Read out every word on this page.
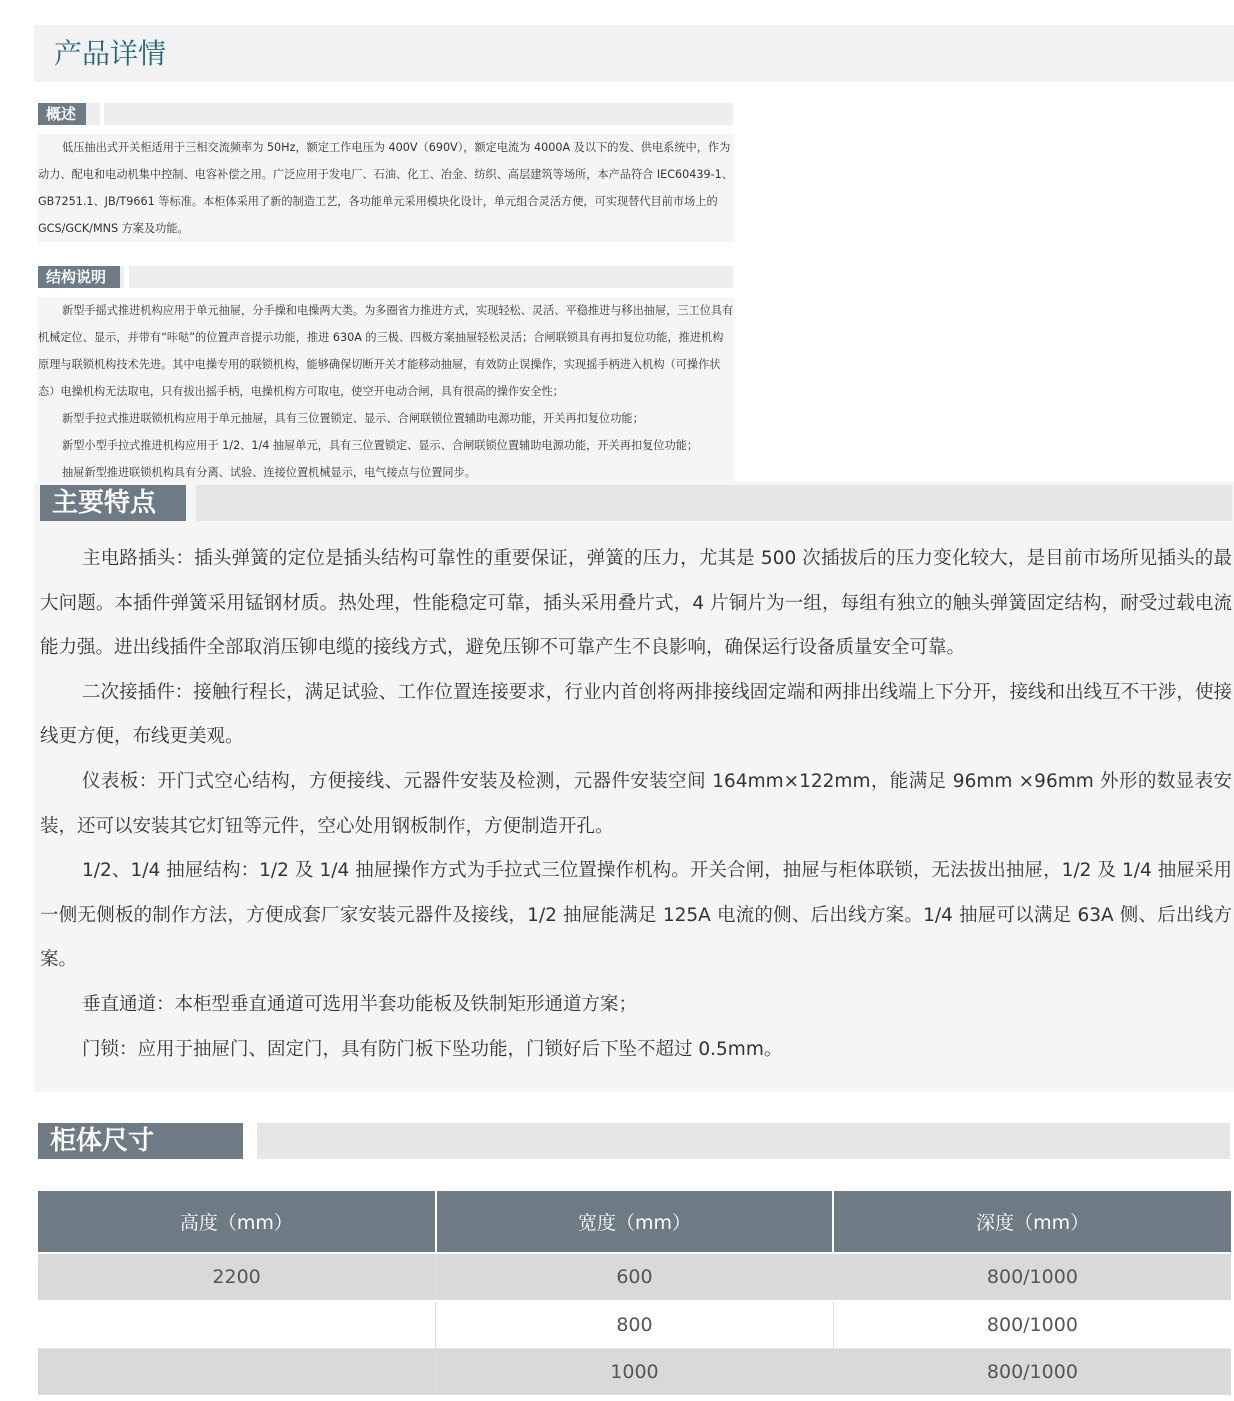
产品详情
概述

低压抽出式开关柜适用于三相交流频率为 50Hz，额定工作电压为 400V（690V），额定电流为 4000A 及以下的发、供电系统中，作为动力、配电和电动机集中控制、电容补偿之用。广泛应用于发电厂、石油、化工、冶金、纺织、高层建筑等场所，本产品符合 IEC60439-1、GB7251.1、JB/T9661 等标准。本柜体采用了新的制造工艺，各功能单元采用模块化设计，单元组合灵活方便，可实现替代目前市场上的 GCS/GCK/MNS 方案及功能。

结构说明

新型手摇式推进机构应用于单元抽屉，分手操和电操两大类。为多圈省力推进方式，实现轻松、灵活、平稳推进与移出抽屉，三工位具有机械定位、显示，并带有“咔哒”的位置声音提示功能，推进 630A 的三极、四极方案抽屉轻松灵活；合闸联锁具有再扣复位功能，推进机构原理与联锁机构技术先进。其中电操专用的联锁机构，能够确保切断开关才能移动抽屉，有效防止误操作，实现摇手柄进入机构（可操作状态）电操机构无法取电，只有拔出摇手柄，电操机构方可取电，使空开电动合闸，具有很高的操作安全性；

新型手拉式推进联锁机构应用于单元抽屉，具有三位置锁定、显示、合闸联锁位置辅助电源功能，开关再扣复位功能；

新型小型手拉式推进机构应用于 1/2、1/4 抽屉单元，具有三位置锁定、显示、合闸联锁位置辅助电源功能，开关再扣复位功能；

抽屉新型推进联锁机构具有分离、试验、连接位置机械显示，电气接点与位置同步。

主要特点

主电路插头：插头弹簧的定位是插头结构可靠性的重要保证，弹簧的压力，尤其是 500 次插拔后的压力变化较大，是目前市场所见插头的最大问题。本插件弹簧采用锰钢材质。热处理，性能稳定可靠，插头采用叠片式，4 片铜片为一组，每组有独立的触头弹簧固定结构，耐受过载电流能力强。进出线插件全部取消压铆电缆的接线方式，避免压铆不可靠产生不良影响，确保运行设备质量安全可靠。

二次接插件：接触行程长，满足试验、工作位置连接要求，行业内首创将两排接线固定端和两排出线端上下分开，接线和出线互不干涉，使接线更方便，布线更美观。

仪表板：开门式空心结构，方便接线、元器件安装及检测，元器件安装空间 164mm×122mm，能满足 96mm ×96mm 外形的数显表安装，还可以安装其它灯钮等元件，空心处用钢板制作，方便制造开孔。

1/2、1/4 抽屉结构：1/2 及 1/4 抽屉操作方式为手拉式三位置操作机构。开关合闸，抽屉与柜体联锁，无法拔出抽屉，1/2 及 1/4 抽屉采用一侧无侧板的制作方法，方便成套厂家安装元器件及接线，1/2 抽屉能满足 125A 电流的侧、后出线方案。1/4 抽屉可以满足 63A 侧、后出线方案。

垂直通道：本柜型垂直通道可选用半套功能板及铁制矩形通道方案；

门锁：应用于抽屉门、固定门，具有防门板下坠功能，门锁好后下坠不超过 0.5mm。

柜体尺寸
高度（mm）	宽度（mm）	深度（mm）
2200	600	800/1000
	800	800/1000
	1000	800/1000
